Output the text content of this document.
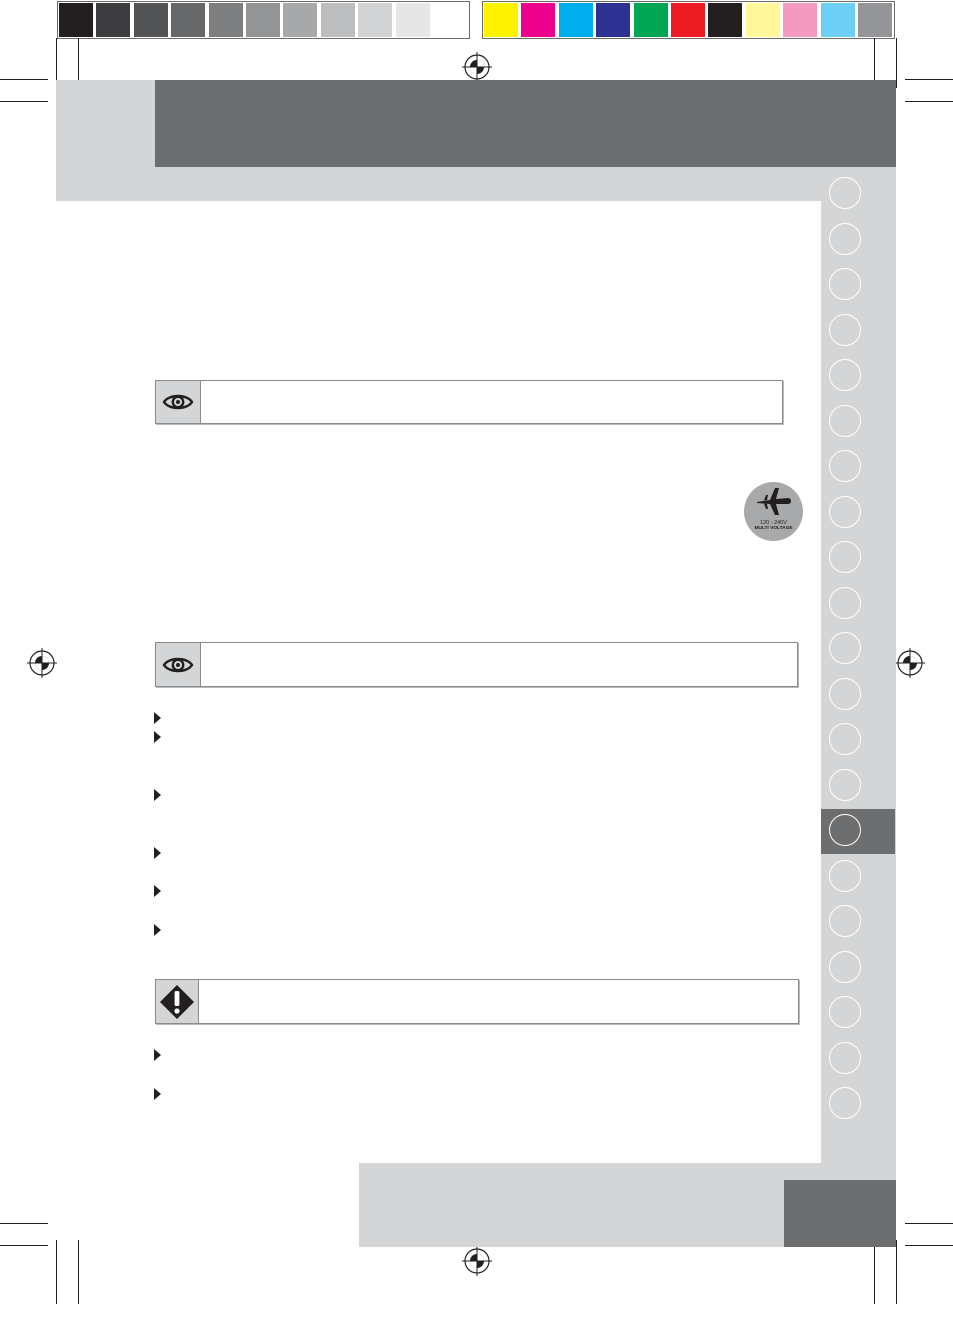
120 - 240V
MULTI VOLTAGE
